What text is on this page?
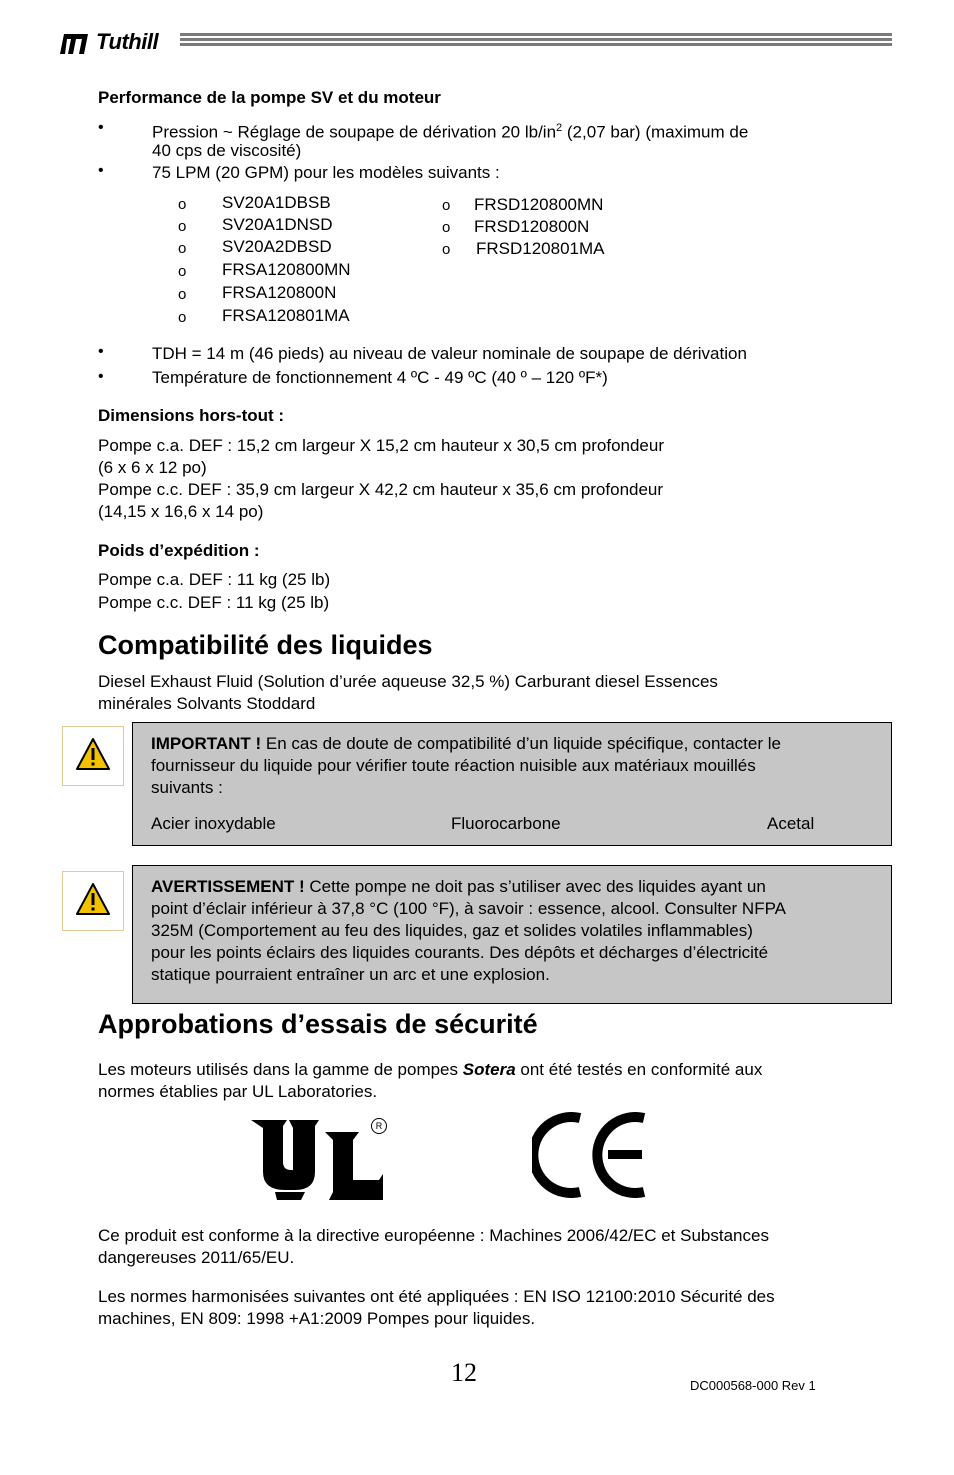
Tuthill
Performance de la pompe SV et du moteur
•	Pression ~ Réglage de soupape de dérivation 20 $lb/in^2$ (2,07 bar) (maximum de
40 cps de viscosité)
•	75 LPM (20 GPM) pour les modèles suivants :
o SV20A1DBSB
o SV20A1DNSD
o SV20A2DBSD
o FRSA120800MN
o FRSA120800N
o FRSA120801MA
o FRSD120800MN
o FRSD120800N
o FRSD120801MA
•	TDH = 14 m (46 pieds) au niveau de valeur nominale de soupape de dérivation
•	Température de fonctionnement 4 ºC - 49 ºC (40 º – 120 ºF*)
Dimensions hors-tout :
Pompe c.a. DEF : 15,2 cm largeur X 15,2 cm hauteur x 30,5 cm profondeur
(6 x 6 x 12 po)
Pompe c.c. DEF : 35,9 cm largeur X 42,2 cm hauteur x 35,6 cm profondeur
(14,15 x 16,6 x 14 po)
Poids d’expédition :
Pompe c.a. DEF : 11 kg (25 lb)
Pompe c.c. DEF : 11 kg (25 lb)
Compatibilité des liquides
Diesel Exhaust Fluid (Solution d’urée aqueuse 32,5 %) Carburant diesel Essences
minérales Solvants Stoddard
IMPORTANT ! En cas de doute de compatibilité d’un liquide spécifique, contacter le
fournisseur du liquide pour vérifier toute réaction nuisible aux matériaux mouillés
suivants :
Acier inoxydable	Fluorocarbone	Acetal
AVERTISSEMENT ! Cette pompe ne doit pas s’utiliser avec des liquides ayant un
point d’éclair inférieur à 37,8 °C (100 °F), à savoir : essence, alcool. Consulter NFPA
325M (Comportement au feu des liquides, gaz et solides volatiles inflammables)
pour les points éclairs des liquides courants. Des dépôts et décharges d’électricité
statique pourraient entraîner un arc et une explosion.
Approbations d’essais de sécurité
Les moteurs utilisés dans la gamme de pompes Sotera ont été testés en conformité aux
normes établies par UL Laboratories.
R
Ce produit est conforme à la directive européenne : Machines 2006/42/EC et Substances
dangereuses 2011/65/EU.
Les normes harmonisées suivantes ont été appliquées : EN ISO 12100:2010 Sécurité des
machines, EN 809: 1998 +A1:2009 Pompes pour liquides.
12	DC000568-000 Rev 1
